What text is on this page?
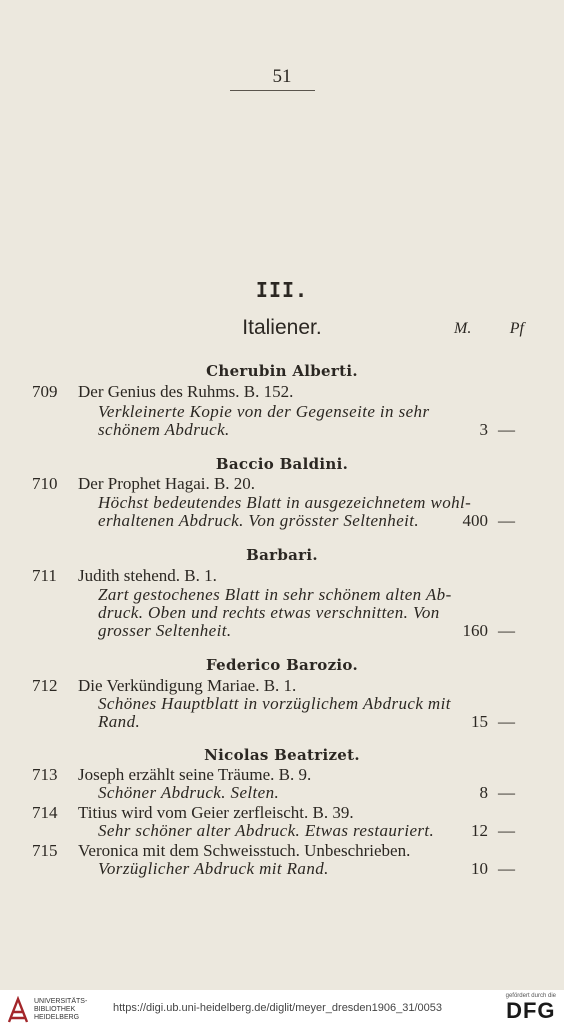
51
III.
Italiener.	M. Pf
Cherubin Alberti.
709 Der Genius des Ruhms. B. 152.
Verkleinerte Kopie von der Gegenseite in sehr
schönem Abdruck.	3 —
Baccio Baldini.
710 Der Prophet Hagai. B. 20.
Höchst bedeutendes Blatt in ausgezeichnetem wohl-
erhaltenen Abdruck. Von grösster Seltenheit.	400 —
Barbari.
711 Judith stehend. B. 1.
Zart gestochenes Blatt in sehr schönem alten Ab-
druck. Oben und rechts etwas verschnitten. Von
grosser Seltenheit.	160 —
Federico Barozio.
712 Die Verkündigung Mariae. B. 1.
Schönes Hauptblatt in vorzüglichem Abdruck mit
Rand.	15 —
Nicolas Beatrizet.
713 Joseph erzählt seine Träume. B. 9.
Schöner Abdruck. Selten.	8 —
714 Titius wird vom Geier zerfleischt. B. 39.
Sehr schöner alter Abdruck. Etwas restauriert.	12 —
715 Veronica mit dem Schweisstuch. Unbeschrieben.
Vorzüglicher Abdruck mit Rand.	10 —
UNIVERSITÄTS-
BIBLIOTHEK
HEIDELBERG
https://digi.ub.uni-heidelberg.de/diglit/meyer_dresden1906_31/0053
gefördert durch die
DFG
